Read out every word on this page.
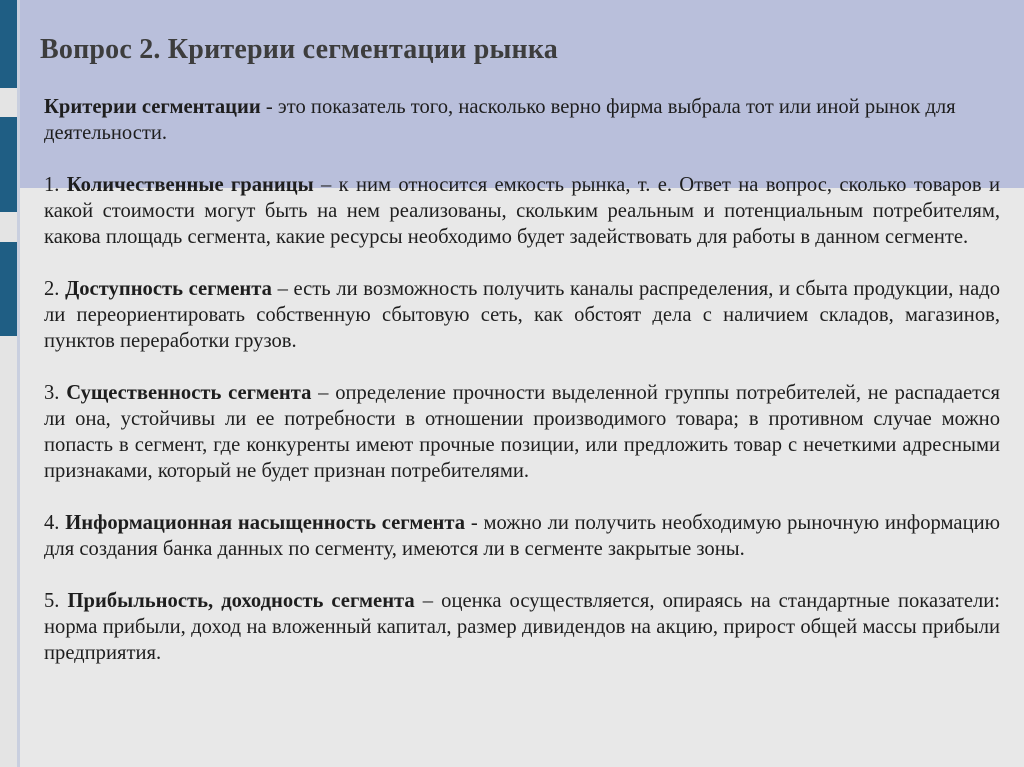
Вопрос 2. Критерии сегментации рынка

Критерии сегментации - это показатель того, насколько верно фирма выбрала тот или иной рынок для деятельности.

1. Количественные границы – к ним относится емкость рынка, т. е. Ответ на вопрос, сколько товаров и какой стоимости могут быть на нем реализованы, скольким реальным и потенциальным потребителям, какова площадь сегмента, какие ресурсы необходимо будет задействовать для работы в данном сегменте.

2. Доступность сегмента – есть ли возможность получить каналы распределения, и сбыта продукции, надо ли переориентировать собственную сбытовую сеть, как обстоят дела с наличием складов, магазинов, пунктов переработки грузов.

3. Существенность сегмента – определение прочности выделенной группы потребителей, не распадается ли она, устойчивы ли ее потребности в отношении производимого товара; в противном случае можно попасть в сегмент, где конкуренты имеют прочные позиции, или предложить товар с нечеткими адресными признаками, который не будет признан потребителями.

4. Информационная насыщенность сегмента - можно ли получить необходимую рыночную информацию для создания банка данных по сегменту, имеются ли в сегменте закрытые зоны.

5. Прибыльность, доходность сегмента – оценка осуществляется, опираясь на стандартные показатели: норма прибыли, доход на вложенный капитал, размер дивидендов на акцию, прирост общей массы прибыли предприятия.
